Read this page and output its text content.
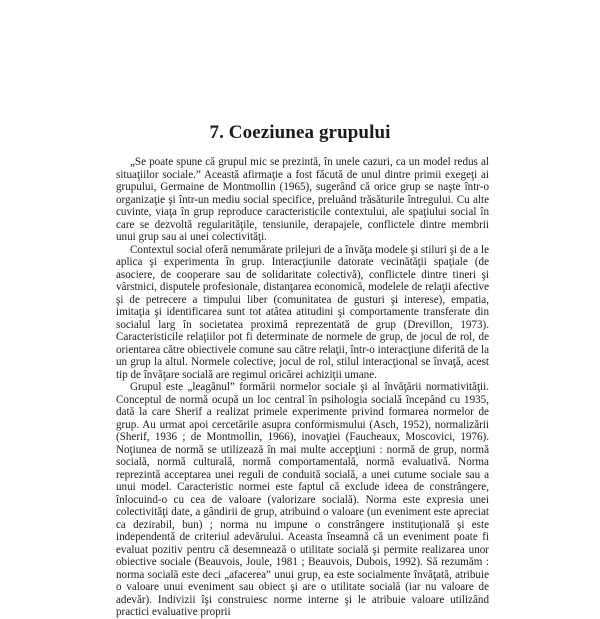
7. Coeziunea grupului

„Se poate spune că grupul mic se prezintă, în unele cazuri, ca un model redus al situaţiilor sociale.” Această afirmaţie a fost făcută de unul dintre primii exegeţi ai grupului, Germaine de Montmollin (1965), sugerând că orice grup se naşte într-o organizaţie şi într-un mediu social specifice, preluând trăsăturile întregului. Cu alte cuvinte, viaţa în grup reproduce caracteristicile contextului, ale spaţiului social în care se dezvoltă regularităţile, tensiunile, derapajele, conflictele dintre membrii unui grup sau ai unei colectivităţi.

Contextul social oferă nenumărate prilejuri de a învăţa modele şi stiluri şi de a le aplica şi experimenta în grup. Interacţiunile datorate vecinătăţii spaţiale (de asociere, de cooperare sau de solidaritate colectivă), conflictele dintre tineri şi vârstnici, disputele profesionale, distanţarea economică, modelele de relaţii afective şi de petrecere a timpului liber (comunitatea de gusturi şi interese), empatia, imitaţia şi identificarea sunt tot atâtea atitudini şi comportamente transferate din socialul larg în societatea proximă reprezentată de grup (Drevillon, 1973). Caracteristicile relaţiilor pot fi determinate de normele de grup, de jocul de rol, de orientarea către obiectivele comune sau către relaţii, într-o interacţiune diferită de la un grup la altul. Normele colective, jocul de rol, stilul interacţional se învaţă, acest tip de învăţare socială are regimul oricărei achiziţii umane.

Grupul este „leagănul” formării normelor sociale şi al învăţării normativităţii. Conceptul de normă ocupă un loc central în psihologia socială începând cu 1935, dată la care Sherif a realizat primele experimente privind formarea normelor de grup. Au urmat apoi cercetările asupra conformismului (Asch, 1952), normalizării (Sherif, 1936 ; de Montmollin, 1966), inovaţiei (Faucheaux, Moscovici, 1976). Noţiunea de normă se utilizează în mai multe accepţiuni : normă de grup, normă socială, normă culturală, normă comportamentală, normă evaluativă. Norma reprezintă acceptarea unei reguli de conduită socială, a unei cutume sociale sau a unui model. Caracteristic normei este faptul că exclude ideea de constrângere, înlocuind-o cu cea de valoare (valorizare socială). Norma este expresia unei colectivităţi date, a gândirii de grup, atribuind o valoare (un eveniment este apreciat ca dezirabil, bun) ; norma nu impune o constrângere instituţională şi este independentă de criteriul adevărului. Aceasta înseamnă că un eveniment poate fi evaluat pozitiv pentru că desemnează o utilitate socială şi permite realizarea unor obiective sociale (Beauvois, Joule, 1981 ; Beauvois, Dubois, 1992). Să rezumăm : norma socială este deci „afacerea” unui grup, ea este socialmente învăţată, atribuie o valoare unui eveniment sau obiect şi are o utilitate socială (iar nu valoare de adevăr). Indivizii îşi construiesc norme interne şi le atribuie valoare utilizând practici evaluative proprii
